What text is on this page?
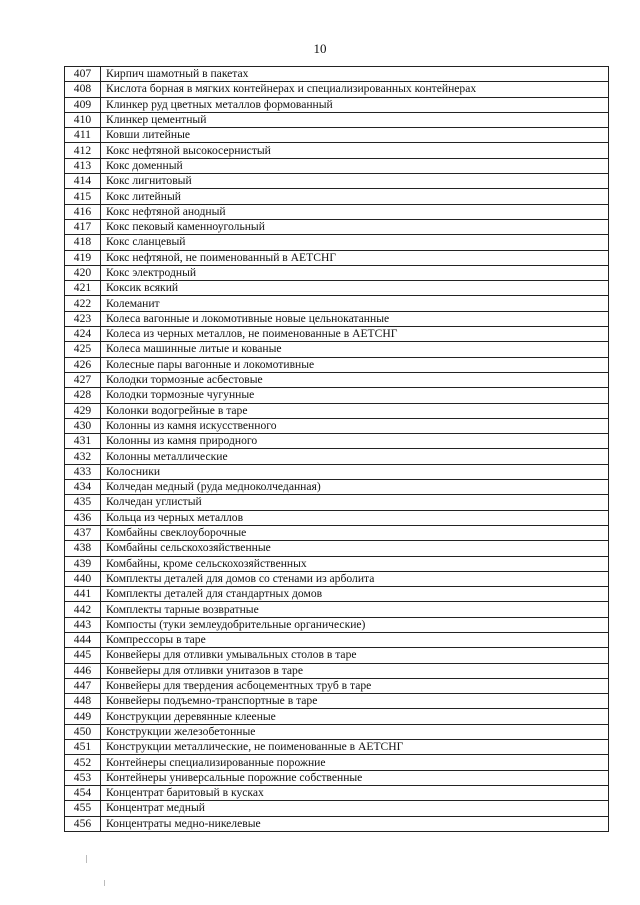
10
407	Кирпич шамотный в пакетах
408	Кислота борная в мягких контейнерах и специализированных контейнерах
409	Клинкер руд цветных металлов формованный
410	Клинкер цементный
411	Ковши литейные
412	Кокс нефтяной высокосернистый
413	Кокс доменный
414	Кокс лигнитовый
415	Кокс литейный
416	Кокс нефтяной анодный
417	Кокс пековый каменноугольный
418	Кокс сланцевый
419	Кокс нефтяной, не поименованный в АЕТСНГ
420	Кокс электродный
421	Коксик всякий
422	Колеманит
423	Колеса вагонные и локомотивные новые цельнокатанные
424	Колеса из черных металлов, не поименованные в АЕТСНГ
425	Колеса машинные литые и кованые
426	Колесные пары вагонные и локомотивные
427	Колодки тормозные асбестовые
428	Колодки тормозные чугунные
429	Колонки водогрейные в таре
430	Колонны из камня искусственного
431	Колонны из камня природного
432	Колонны металлические
433	Колосники
434	Колчедан медный (руда медноколчеданная)
435	Колчедан углистый
436	Кольца из черных металлов
437	Комбайны свеклоуборочные
438	Комбайны сельскохозяйственные
439	Комбайны, кроме сельскохозяйственных
440	Комплекты деталей для домов со стенами из арболита
441	Комплекты деталей для стандартных домов
442	Комплекты тарные возвратные
443	Компосты (туки землеудобрительные органические)
444	Компрессоры в таре
445	Конвейеры для отливки умывальных столов в таре
446	Конвейеры для отливки унитазов в таре
447	Конвейеры для твердения асбоцементных труб в таре
448	Конвейеры подъемно-транспортные в таре
449	Конструкции деревянные клееные
450	Конструкции железобетонные
451	Конструкции металлические, не поименованные в АЕТСНГ
452	Контейнеры специализированные порожние
453	Контейнеры универсальные порожние собственные
454	Концентрат баритовый в кусках
455	Концентрат медный
456	Концентраты медно-никелевые
